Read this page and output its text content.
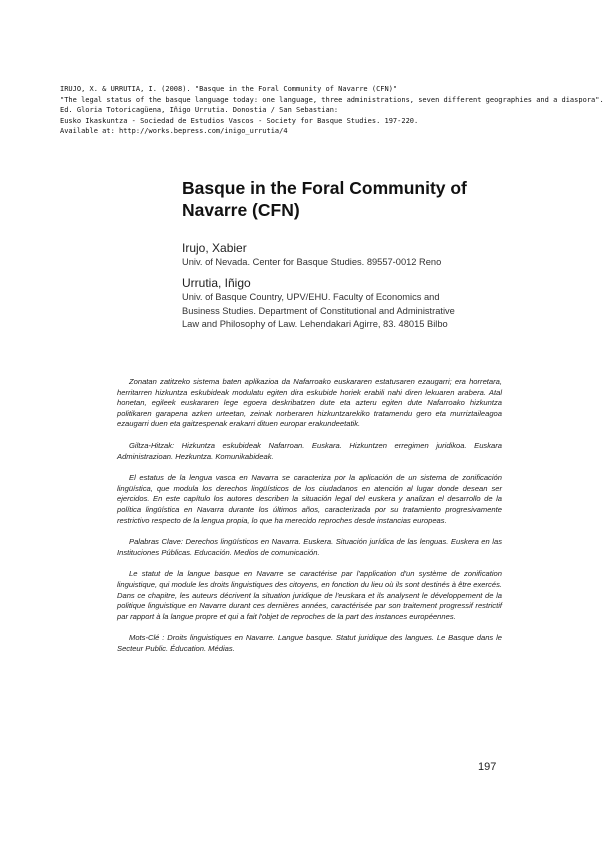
IRUJO, X. & URRUTIA, I. (2008). "Basque in the Foral Community of Navarre (CFN)"
"The legal status of the basque language today: one language, three administrations, seven different geographies and a diaspora".
Ed. Gloria Totoricagüena, Iñigo Urrutia. Donostia / San Sebastian:
Eusko Ikaskuntza - Sociedad de Estudios Vascos - Society for Basque Studies. 197-220.
Available at: http://works.bepress.com/inigo_urrutia/4
Basque in the Foral Community of
Navarre (CFN)
Irujo, Xabier
Univ. of Nevada. Center for Basque Studies. 89557-0012 Reno
Urrutia, Iñigo
Univ. of Basque Country, UPV/EHU. Faculty of Economics and
Business Studies. Department of Constitutional and Administrative
Law and Philosophy of Law. Lehendakari Agirre, 83. 48015 Bilbo

Zonatan zatitzeko sistema baten aplikazioa da Nafarroako euskararen estatusaren ezaugarri; era horretara, herritarren hizkuntza eskubideak modulatu egiten dira eskubide horiek erabili nahi diren lekuaren arabera. Atal honetan, egileek euskararen lege egoera deskribatzen dute eta azteru egiten dute Nafarroako hizkuntza politikaren garapena azken urteetan, zeinak norberaren hizkuntzarekiko tratamendu gero eta murriztaileagoa ezaugarri duen eta gaitzespenak erakarri dituen europar erakundeetatik.

Giltza-Hitzak: Hizkuntza eskubideak Nafarroan. Euskara. Hizkuntzen erregimen juridikoa. Euskara Administrazioan. Hezkuntza. Komunikabideak.

El estatus de la lengua vasca en Navarra se caracteriza por la aplicación de un sistema de zonificación lingüística, que modula los derechos lingüísticos de los ciudadanos en atención al lugar donde desean ser ejercidos. En este capítulo los autores describen la situación legal del euskera y analizan el desarrollo de la política lingüística en Navarra durante los últimos años, caracterizada por su tratamiento progresivamente restrictivo respecto de la lengua propia, lo que ha merecido reproches desde instancias europeas.

Palabras Clave: Derechos lingüísticos en Navarra. Euskera. Situación jurídica de las lenguas. Euskera en las Instituciones Públicas. Educación. Medios de comunicación.

Le statut de la langue basque en Navarre se caractérise par l'application d'un système de zonification linguistique, qui module les droits linguistiques des citoyens, en fonction du lieu où ils sont destinés à être exercés. Dans ce chapitre, les auteurs décrivent la situation juridique de l'euskara et ils analysent le développement de la politique linguistique en Navarre durant ces dernières années, caractérisée par son traitement progressif restrictif par rapport à la langue propre et qui a fait l'objet de reproches de la part des instances européennes.

Mots-Clé : Droits linguistiques en Navarre. Langue basque. Statut juridique des langues. Le Basque dans le Secteur Public. Éducation. Médias.

197
